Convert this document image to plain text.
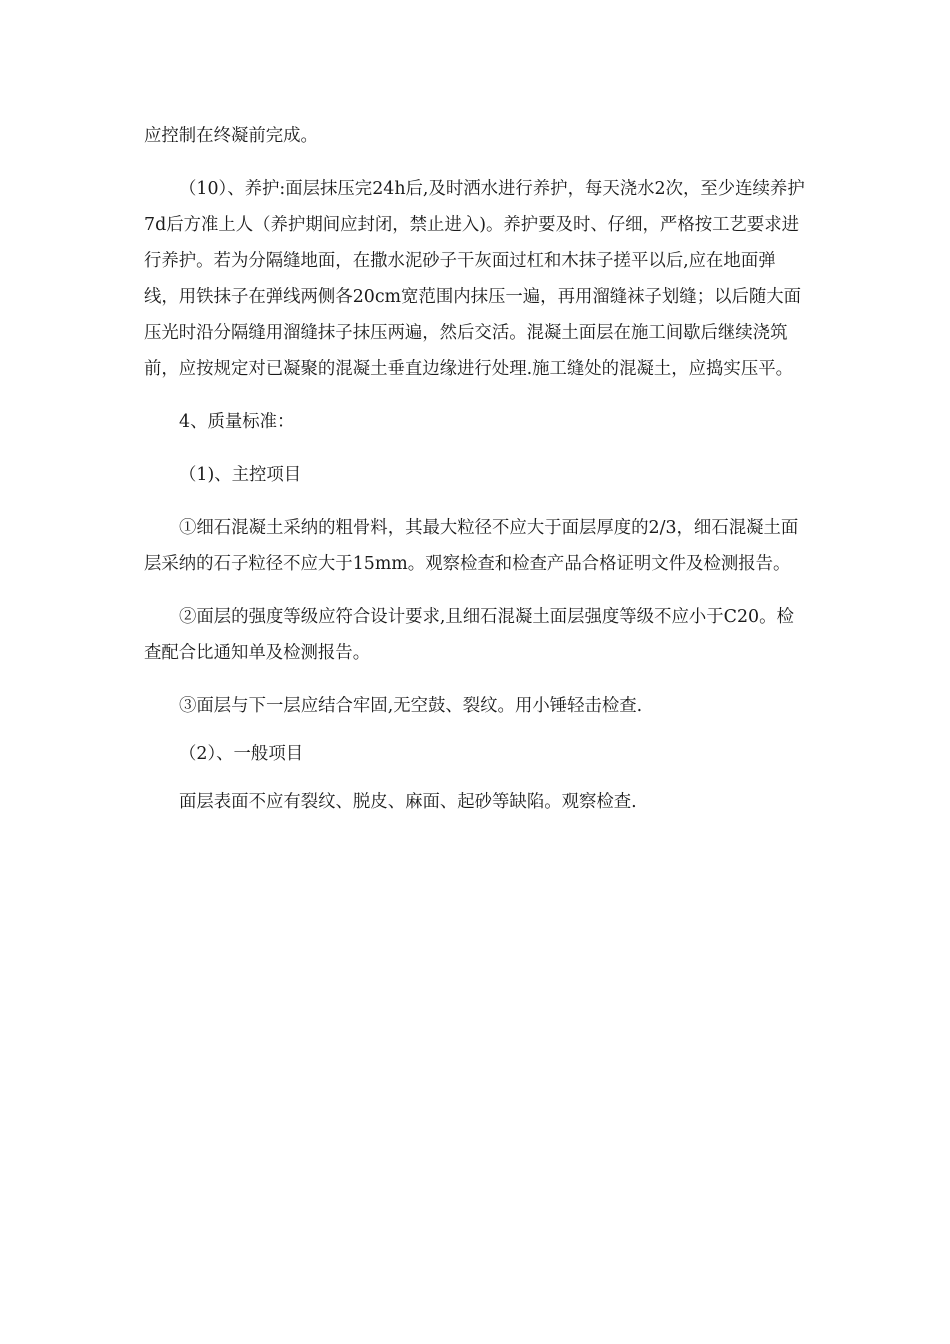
应控制在终凝前完成。

（10）、养护:面层抹压完24h后,及时洒水进行养护，每天浇水2次，至少连续养护7d后方准上人（养护期间应封闭，禁止进入)。养护要及时、仔细，严格按工艺要求进行养护。若为分隔缝地面，在撒水泥砂子干灰面过杠和木抹子搓平以后,应在地面弹线，用铁抹子在弹线两侧各20cm宽范围内抹压一遍，再用溜缝袜子划缝；以后随大面压光时沿分隔缝用溜缝抹子抹压两遍，然后交活。混凝土面层在施工间歇后继续浇筑前，应按规定对已凝聚的混凝土垂直边缘进行处理.施工缝处的混凝土，应捣实压平。

4、质量标准：

（1)、主控项目

①细石混凝土采纳的粗骨料，其最大粒径不应大于面层厚度的2/3，细石混凝土面层采纳的石子粒径不应大于15mm。观察检查和检查产品合格证明文件及检测报告。

②面层的强度等级应符合设计要求,且细石混凝土面层强度等级不应小于C20。检查配合比通知单及检测报告。

③面层与下一层应结合牢固,无空鼓、裂纹。用小锤轻击检查.

（2）、一般项目

面层表面不应有裂纹、脱皮、麻面、起砂等缺陷。观察检查.
